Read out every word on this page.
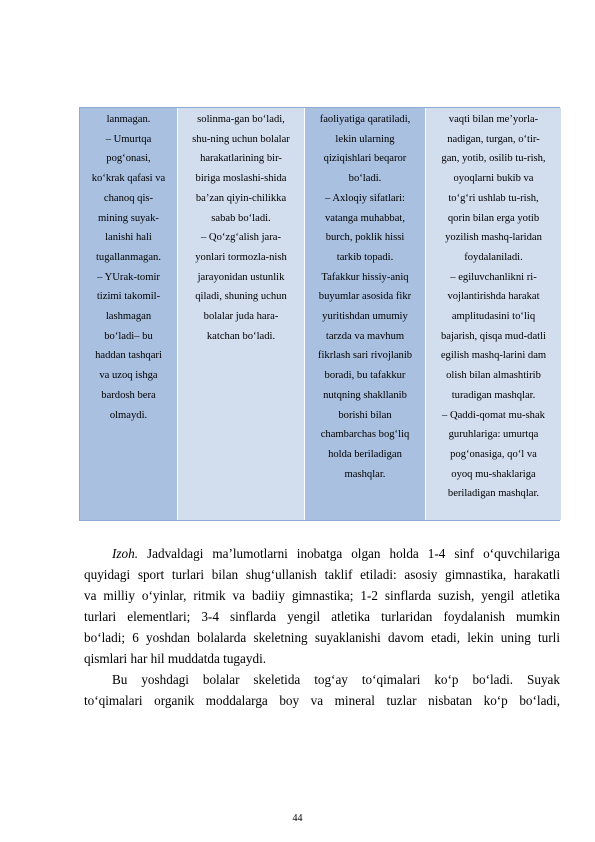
lanmagan.
– Umurtqa
pog‘onasi,
ko‘krak qafasi va
chanoq qis-
mining suyak-
lanishi hali
tugallanmagan.
– YUrak-tomir
tizimi takomil-
lashmagan
bo‘ladi– bu
haddan tashqari
va uzoq ishga
bardosh bera
olmaydi.
solinma-gan bo‘ladi,
shu-ning uchun bolalar
harakatlarining bir-
biriga moslashi-shida
ba’zan qiyin-chilikka
sabab bo‘ladi.
– Qo‘zg‘alish jara-
yonlari tormozla-nish
jarayonidan ustunlik
qiladi, shuning uchun
bolalar juda hara-
katchan bo‘ladi.
faoliyatiga qaratiladi,
lekin ularning
qiziqishlari beqaror
bo‘ladi.
– Axloqiy sifatlari:
vatanga muhabbat,
burch, poklik hissi
tarkib topadi.
Tafakkur hissiy-aniq
buyumlar asosida fikr
yuritishdan umumiy
tarzda va mavhum
fikrlash sari rivojlanib
boradi, bu tafakkur
nutqning shakllanib
borishi bilan
chambarchas bog‘liq
holda beriladigan
mashqlar.
vaqti bilan me’yorla-
nadigan, turgan, o‘tir-
gan, yotib, osilib tu-rish,
oyoqlarni bukib va
to‘g‘ri ushlab tu-rish,
qorin bilan erga yotib
yozilish mashq-laridan
foydalaniladi.
– egiluvchanlikni ri-
vojlantirishda harakat
amplitudasini to‘liq
bajarish, qisqa mud-datli
egilish mashq-larini dam
olish bilan almashtirib
turadigan mashqlar.
– Qaddi-qomat mu-shak
guruhlariga: umurtqa
pog‘onasiga, qo‘l va
oyoq mu-shaklariga
beriladigan mashqlar.
Izoh. Jadvaldagi ma’lumotlarni inobatga olgan holda 1-4 sinf o‘quvchilariga
quyidagi sport turlari bilan shug‘ullanish taklif etiladi: asosiy gimnastika, harakatli
va milliy o‘yinlar, ritmik va badiiy gimnastika; 1-2 sinflarda suzish, yengil atletika
turlari elementlari; 3-4 sinflarda yengil atletika turlaridan foydalanish mumkin
bo‘ladi; 6 yoshdan bolalarda skeletning suyaklanishi davom etadi, lekin uning turli
qismlari har hil muddatda tugaydi.
Bu yoshdagi bolalar skeletida tog‘ay to‘qimalari ko‘p bo‘ladi. Suyak
to‘qimalari organik moddalarga boy va mineral tuzlar nisbatan ko‘p bo‘ladi,
44
